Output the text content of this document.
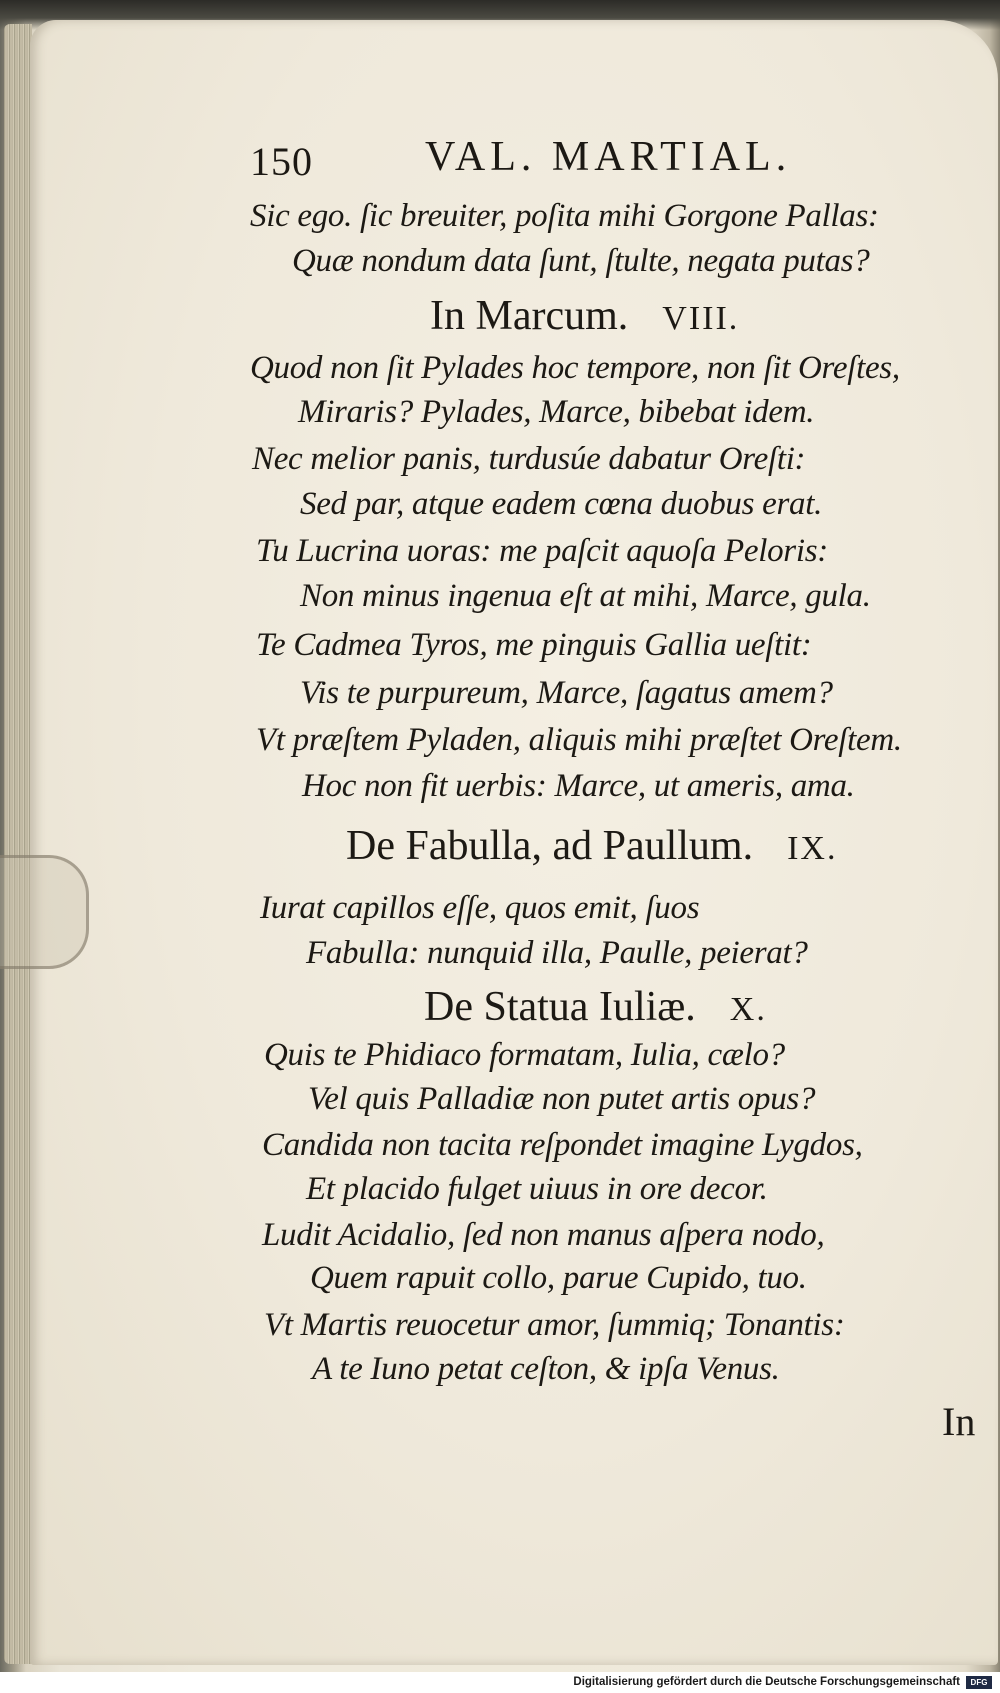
150	VAL. MARTIAL.
Sic ego. ſic breuiter, poſita mihi Gorgone Pallas:
Quæ nondum data ſunt, ſtulte, negata putas?
In Marcum. VIII.
Quod non ſit Pylades hoc tempore, non ſit Oreſtes,
Miraris? Pylades, Marce, bibebat idem.
Nec melior panis, turdusúe dabatur Oreſti:
Sed par, atque eadem cœna duobus erat.
Tu Lucrina uoras: me paſcit aquoſa Peloris:
Non minus ingenua eſt at mihi, Marce, gula.
Te Cadmea Tyros, me pinguis Gallia ueſtit:
Vis te purpureum, Marce, ſagatus amem?
Vt præſtem Pyladen, aliquis mihi præſtet Oreſtem.
Hoc non fit uerbis: Marce, ut ameris, ama.
De Fabulla, ad Paullum. IX.
Iurat capillos eſſe, quos emit, ſuos
Fabulla: nunquid illa, Paulle, peierat?
De Statua Iuliæ. X.
Quis te Phidiaco formatam, Iulia, cælo?
Vel quis Palladiæ non putet artis opus?
Candida non tacita reſpondet imagine Lygdos,
Et placido fulget uiuus in ore decor.
Ludit Acidalio, ſed non manus aſpera nodo,
Quem rapuit collo, parue Cupido, tuo.
Vt Martis reuocetur amor, ſummiq; Tonantis:
A te Iuno petat ceſton, & ipſa Venus.
In
Digitalisierung gefördert durch die Deutsche Forschungsgemeinschaft	DFG
